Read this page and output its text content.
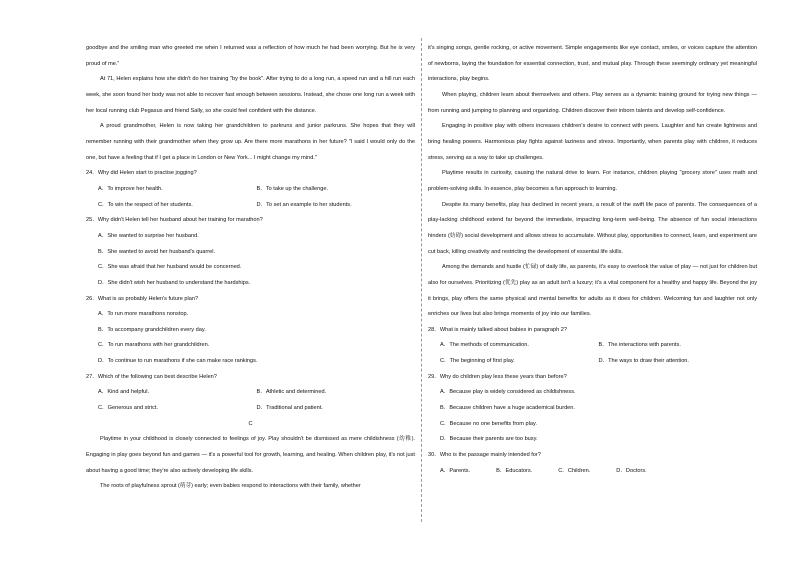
goodbye and the smiling man who greeted me when I returned was a reflection of how much he had been worrying. But he is very proud of me.”

At 71, Helen explains how she didn't do her training "by the book". After trying to do a long run, a speed run and a hill run each week, she soon found her body was not able to recover fast enough between sessions. Instead, she chose one long run a week with her local running club Pegasus and friend Sally, so she could feel confident with the distance.

A proud grandmother, Helen is now taking her grandchildren to parkruns and junior parkruns. She hopes that they will remember running with their grandmother when they grow up. Are there more marathons in her future? "I said I would only do the one, but have a feeling that if I get a place in London or New York... I might change my mind."

24．Why did Helen start to practise jogging?
A．To improve her health.	B．To take up the challenge.
C．To win the respect of her students.	D．To set an example to her students.
25．Why didn't Helen tell her husband about her training for marathon?
A．She wanted to surprise her husband.
B．She wanted to avoid her husband's quarrel.
C．She was afraid that her husband would be concerned.
D．She didn't wish her husband to understand the hardships.
26．What is as probably Helen's future plan?
A．To run more marathons nonstop.
B．To accompany grandchildren every day.
C．To run marathons with her grandchildren.
D．To continue to run marathons if she can make race rankings.
27．Which of the following can best describe Helen?
A．Kind and helpful.	B．Athletic and determined.
C．Generous and strict.	D．Traditional and patient.
C

Playtime in your childhood is closely connected to feelings of joy. Play shouldn't be dismissed as mere childishness (幼稚). Engaging in play goes beyond fun and games — it's a powerful tool for growth, learning, and healing. When children play, it's not just about having a good time; they're also actively developing life skills.

The roots of playfulness sprout (萌芽) early; even babies respond to interactions with their family, whether

it's singing songs, gentle rocking, or active movement. Simple engagements like eye contact, smiles, or voices capture the attention of newborns, laying the foundation for essential connection, trust, and mutual play. Through these seemingly ordinary yet meaningful interactions, play begins.

When playing, children learn about themselves and others. Play serves as a dynamic training ground for trying new things — from running and jumping to planning and organizing. Children discover their inborn talents and develop self-confidence.

Engaging in positive play with others increases children's desire to connect with peers. Laughter and fun create lightness and bring healing powers. Harmonious play fights against laziness and stress. Importantly, when parents play with children, it reduces stress, serving as a way to take up challenges.

Playtime results in curiosity, causing the natural drive to learn. For instance, children playing "grocery store" uses math and problem-solving skills. In essence, play becomes a fun approach to learning.

Despite its many benefits, play has declined in recent years, a result of the swift life pace of parents. The consequences of a play-lacking childhood extend far beyond the immediate, impacting long-term well-being. The absence of fun social interactions hinders (妨碍) social development and allows stress to accumulate. Without play, opportunities to connect, learn, and experiment are cut back, killing creativity and restricting the development of essential life skills.

Among the demands and hustle (忙碌) of daily life, as parents, it's easy to overlook the value of play — not just for children but also for ourselves. Prioritizing (优先) play as an adult isn't a luxury; it's a vital component for a healthy and happy life. Beyond the joy it brings, play offers the same physical and mental benefits for adults as it does for children. Welcoming fun and laughter not only enriches our lives but also brings moments of joy into our families.

28．What is mainly talked about babies in paragraph 2?
A．The methods of communication.	B．The interactions with parents.
C．The beginning of first play.	D．The ways to draw their attention.
29．Why do children play less these years than before?
A．Because play is widely considered as childishness.
B．Because children have a huge academical burden.
C．Because no one benefits from play.
D．Because their parents are too busy.
30．Who is the passage mainly intended for?
A．Parents.	B．Educators.	C．Children.	D．Doctors.
